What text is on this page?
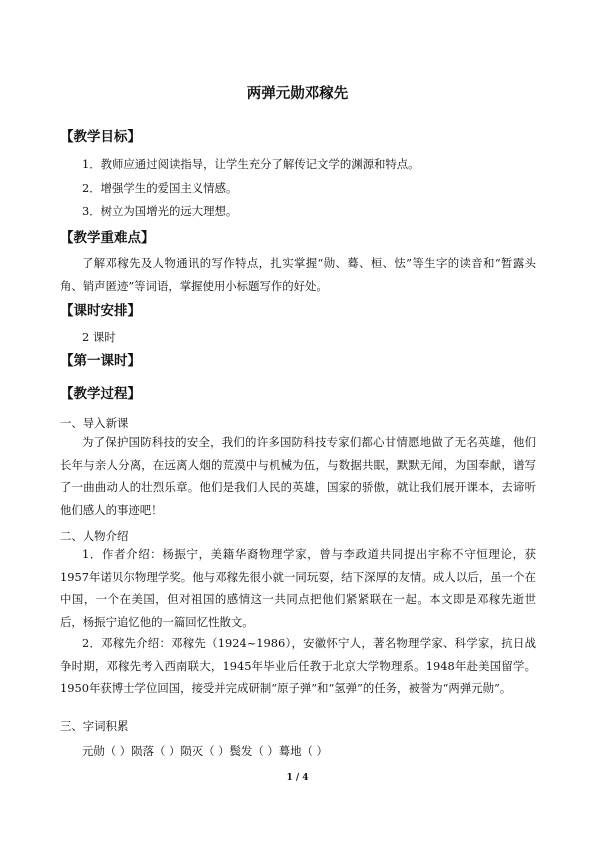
两弹元勋邓稼先
【教学目标】
1．教师应通过阅读指导，让学生充分了解传记文学的渊源和特点。
2．增强学生的爱国主义情感。
3．树立为国增光的远大理想。
【教学重难点】
了解邓稼先及人物通讯的写作特点，扎实掌握“勋、蓦、桓、怯”等生字的读音和“暂露头角、销声匿迹”等词语，掌握使用小标题写作的好处。
【课时安排】
2 课时
【第一课时】
【教学过程】
一、导入新课
为了保护国防科技的安全，我们的许多国防科技专家们都心甘情愿地做了无名英雄，他们长年与亲人分离，在远离人烟的荒漠中与机械为伍，与数据共眠，默默无闻，为国奉献，谱写了一曲曲动人的壮烈乐章。他们是我们人民的英雄，国家的骄傲，就让我们展开课本，去谛听他们感人的事迹吧！
二、人物介绍
1．作者介绍：杨振宁，美籍华裔物理学家，曾与李政道共同提出宇称不守恒理论，获1957年诺贝尔物理学奖。他与邓稼先很小就一同玩耍，结下深厚的友情。成人以后，虽一个在中国，一个在美国，但对祖国的感情这一共同点把他们紧紧联在一起。本文即是邓稼先逝世后，杨振宁追忆他的一篇回忆性散文。
2．邓稼先介绍：邓稼先（1924~1986），安徽怀宁人，著名物理学家、科学家，抗日战争时期，邓稼先考入西南联大，1945年毕业后任教于北京大学物理系。1948年赴美国留学。1950年获博士学位回国，接受并完成研制“原子弹”和“氢弹”的任务，被誉为“两弹元勋”。
三、字词积累
元勋（ ）陨落（ ）陨灭（ ）鬓发（ ）蓦地（ ）
1 / 4
